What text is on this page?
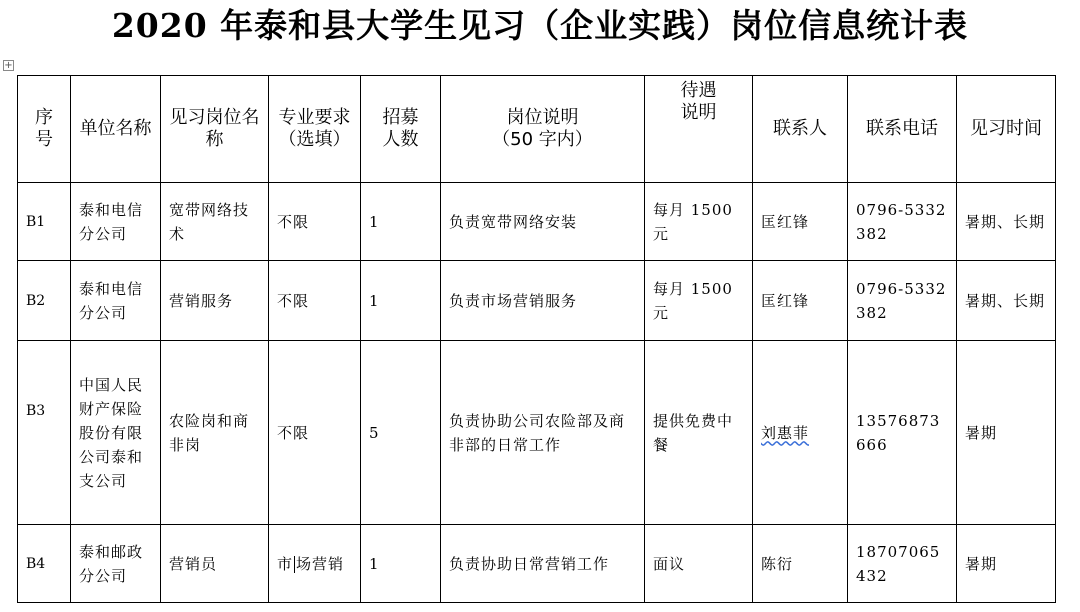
2020 年泰和县大学生见习（企业实践）岗位信息统计表
+
序号	单位名称	见习岗位名称	专业要求（选填）	招募人数	岗位说明（50 字内）	待遇说明	联系人	联系电话	见习时间
B1	泰和电信分公司	宽带网络技术	不限	1	负责宽带网络安装	每月 1500 元	匡红锋	0796-5332382	暑期、长期
B2	泰和电信分公司	营销服务	不限	1	负责市场营销服务	每月 1500 元	匡红锋	0796-5332382	暑期、长期
B3	中国人民财产保险股份有限公司泰和支公司	农险岗和商非岗	不限	5	负责协助公司农险部及商非部的日常工作	提供免费中餐	刘惠菲	13576873666	暑期
B4	泰和邮政分公司	营销员	市 场营销	1	负责协助日常营销工作	面议	陈衍	18707065432	暑期
